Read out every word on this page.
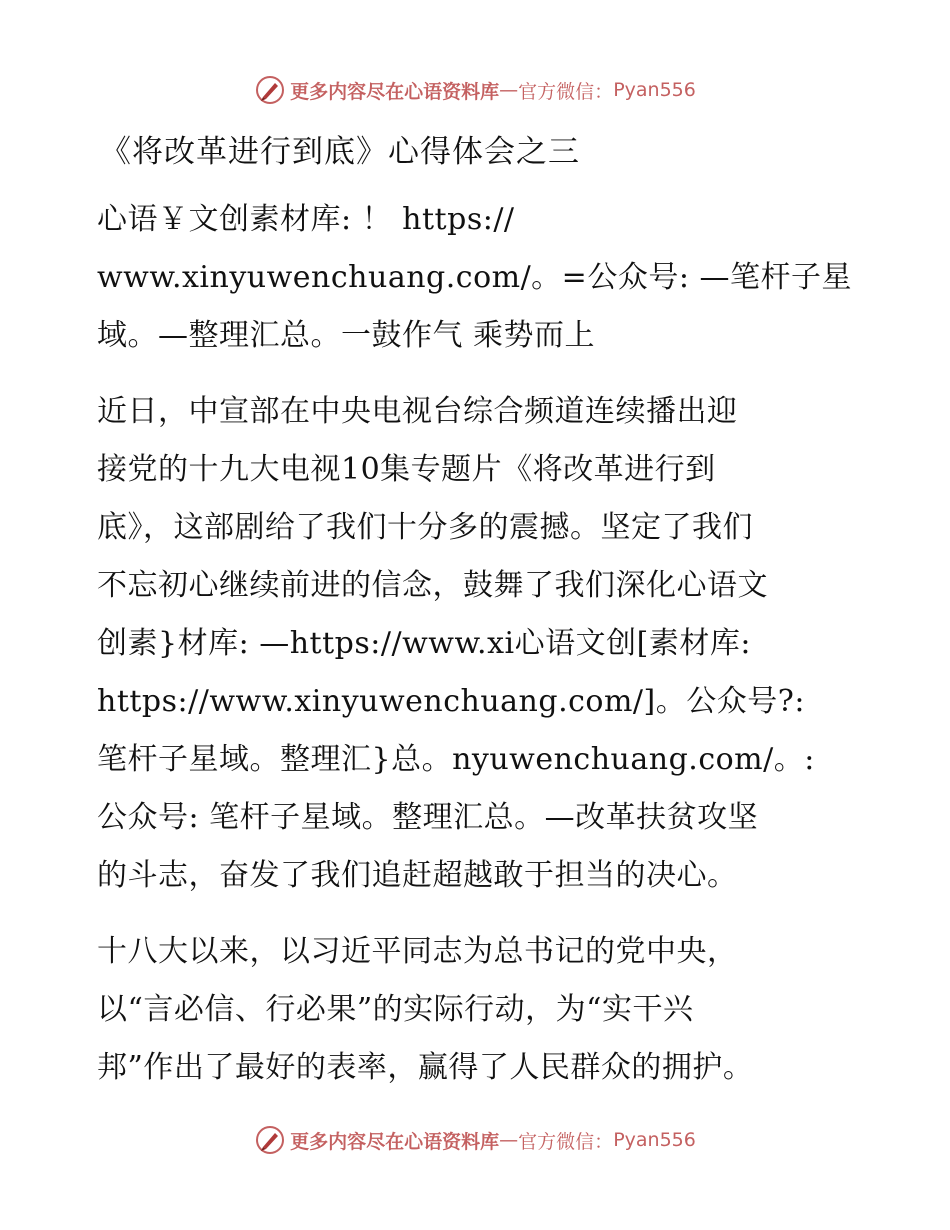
更多内容尽在心语资料库 — 官方微信： Pyan556
《将改革进行到底》心得体会之三
心语￥文创素材库: ！ https://
www.xinyuwenchuang.com/。=公众号: —笔杆子星
域。—整理汇总。一鼓作气 乘势而上
近日，中宣部在中央电视台综合频道连续播出迎
接党的十九大电视10集专题片《将改革进行到
底》，这部剧给了我们十分多的震撼。坚定了我们
不忘初心继续前进的信念，鼓舞了我们深化心语文
创素}材库: —https://www.xi心语文创[素材库:
https://www.xinyuwenchuang.com/]。公众号?:
笔杆子星域。整理汇}总。nyuwenchuang.com/。:
公众号: 笔杆子星域。整理汇总。—改革扶贫攻坚
的斗志，奋发了我们追赶超越敢于担当的决心。
十八大以来，以习近平同志为总书记的党中央，
以“言必信、行必果”的实际行动，为“实干兴
邦”作出了最好的表率，赢得了人民群众的拥护。
更多内容尽在心语资料库 — 官方微信： Pyan556
